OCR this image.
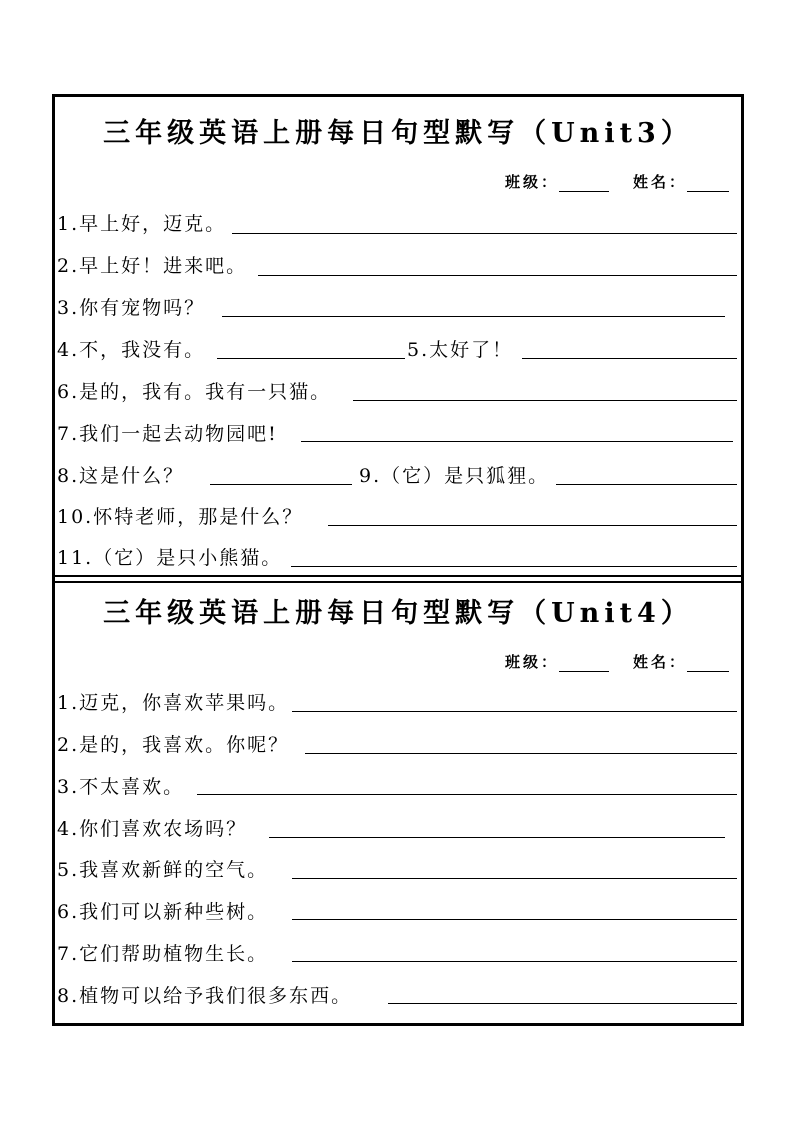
三年级英语上册每日句型默写（Unit3）
班级：	姓名：
1.早上好，迈克。
2.早上好！进来吧。
3.你有宠物吗？
4.不，我没有。	5.太好了！
6.是的，我有。我有一只猫。
7.我们一起去动物园吧!
8.这是什么？	9.（它）是只狐狸。
10.怀特老师，那是什么？
11.（它）是只小熊猫。
三年级英语上册每日句型默写（Unit4）
班级：	姓名：
1.迈克，你喜欢苹果吗。
2.是的，我喜欢。你呢？
3.不太喜欢。
4.你们喜欢农场吗？
5.我喜欢新鲜的空气。
6.我们可以新种些树。
7.它们帮助植物生长。
8.植物可以给予我们很多东西。
